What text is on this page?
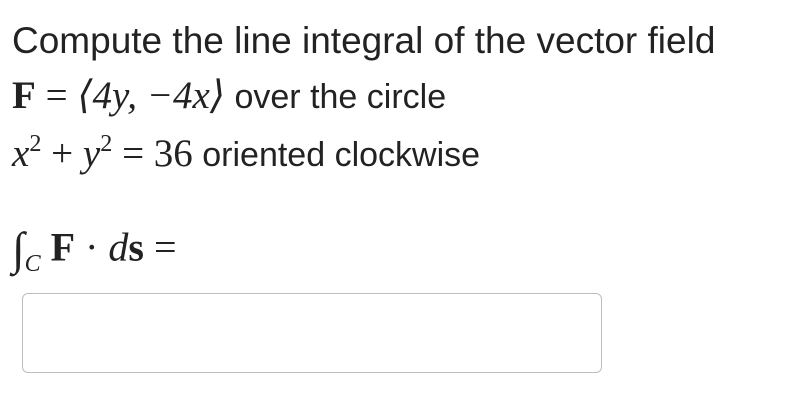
Compute the line integral of the vector field
F = ⟨4y, −4x⟩ over the circle
$x^2 + y^2 = 36$ oriented clockwise
$\int_C$ F · ds =
